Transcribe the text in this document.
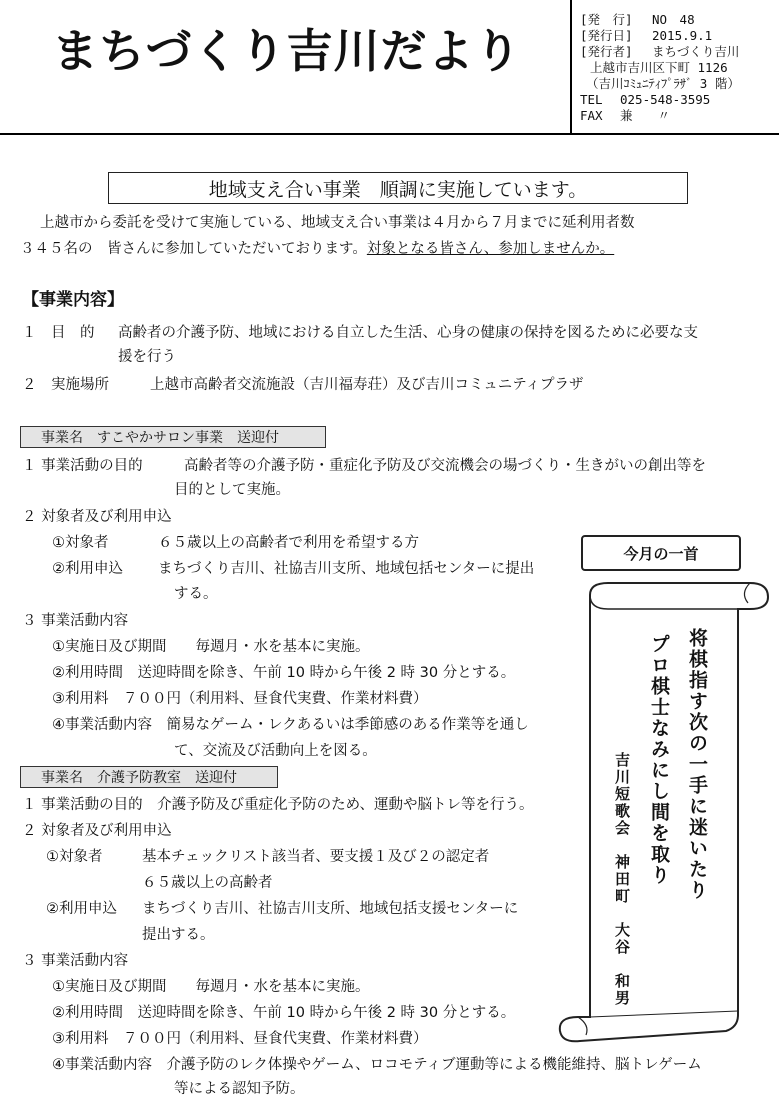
まちづくり吉川だより
[発　行]	NO　48
[発行日]	2015.9.1
[発行者]	まちづくり吉川
上越市吉川区下町 1126
（吉川ｺﾐｭﾆﾃｨﾌﾟﾗｻﾞ 3 階）
TEL	025-548-3595
FAX	兼　　〃
地域支え合い事業　順調に実施しています。
上越市から委託を受けて実施している、地域支え合い事業は４月から７月までに延利用者数
３４５名の　皆さんに参加していただいております。対象となる皆さん、参加しませんか。
【事業内容】
１　目　的 高齢者の介護予防、地域における自立した生活、心身の健康の保持を図るために必要な支
援を行う
２　実施場所	上越市高齢者交流施設（吉川福寿荘）及び吉川コミュニティプラザ
事業名　すこやかサロン事業　送迎付
１ 事業活動の目的	高齢者等の介護予防・重症化予防及び交流機会の場づくり・生きがいの創出等を
目的として実施。
２ 対象者及び利用申込
①対象者	６５歳以上の高齢者で利用を希望する方
②利用申込 まちづくり吉川、社協吉川支所、地域包括センターに提出
する。
３ 事業活動内容
①実施日及び期間　　毎週月・水を基本に実施。
②利用時間　送迎時間を除き、午前 10 時から午後 2 時 30 分とする。
③利用料　７００円（利用料、昼食代実費、作業材料費）
④事業活動内容　簡易なゲーム・レクあるいは季節感のある作業等を通し
て、交流及び活動向上を図る。
事業名　介護予防教室　送迎付
１ 事業活動の目的　介護予防及び重症化予防のため、運動や脳トレ等を行う。
２ 対象者及び利用申込
①対象者	基本チェックリスト該当者、要支援１及び２の認定者
６５歳以上の高齢者
②利用申込 まちづくり吉川、社協吉川支所、地域包括支援センターに
提出する。
３ 事業活動内容
①実施日及び期間　　毎週月・水を基本に実施。
②利用時間　送迎時間を除き、午前 10 時から午後 2 時 30 分とする。
③利用料　７００円（利用料、昼食代実費、作業材料費）
④事業活動内容　介護予防のレク体操やゲーム、ロコモティブ運動等による機能維持、脳トレゲーム
等による認知予防。
今月の一首
将棋指す次の一手に迷いたり
プロ棋士なみにし間を取り
吉川短歌会　神田町　大谷　和男
